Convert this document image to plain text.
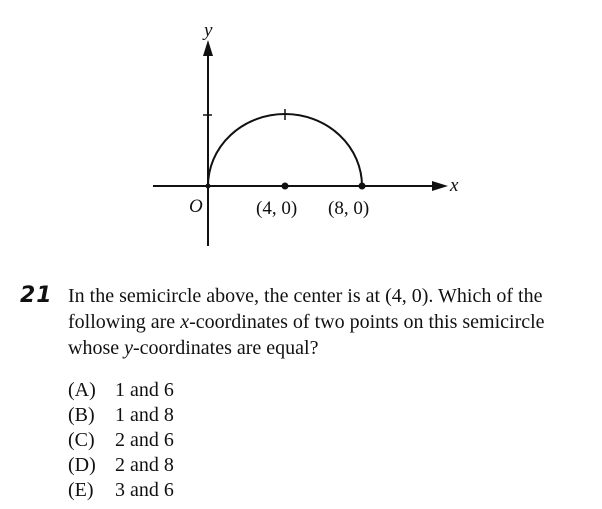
y
x
O	(4, 0) (8, 0)
21 In the semicircle above, the center is at (4, 0). Which of the following are x-coordinates of two points on this semicircle whose y-coordinates are equal?
(A) 1 and 6
(B)	1 and 8
(C)	2 and 6
(D) 2 and 8
(E)	3 and 6
